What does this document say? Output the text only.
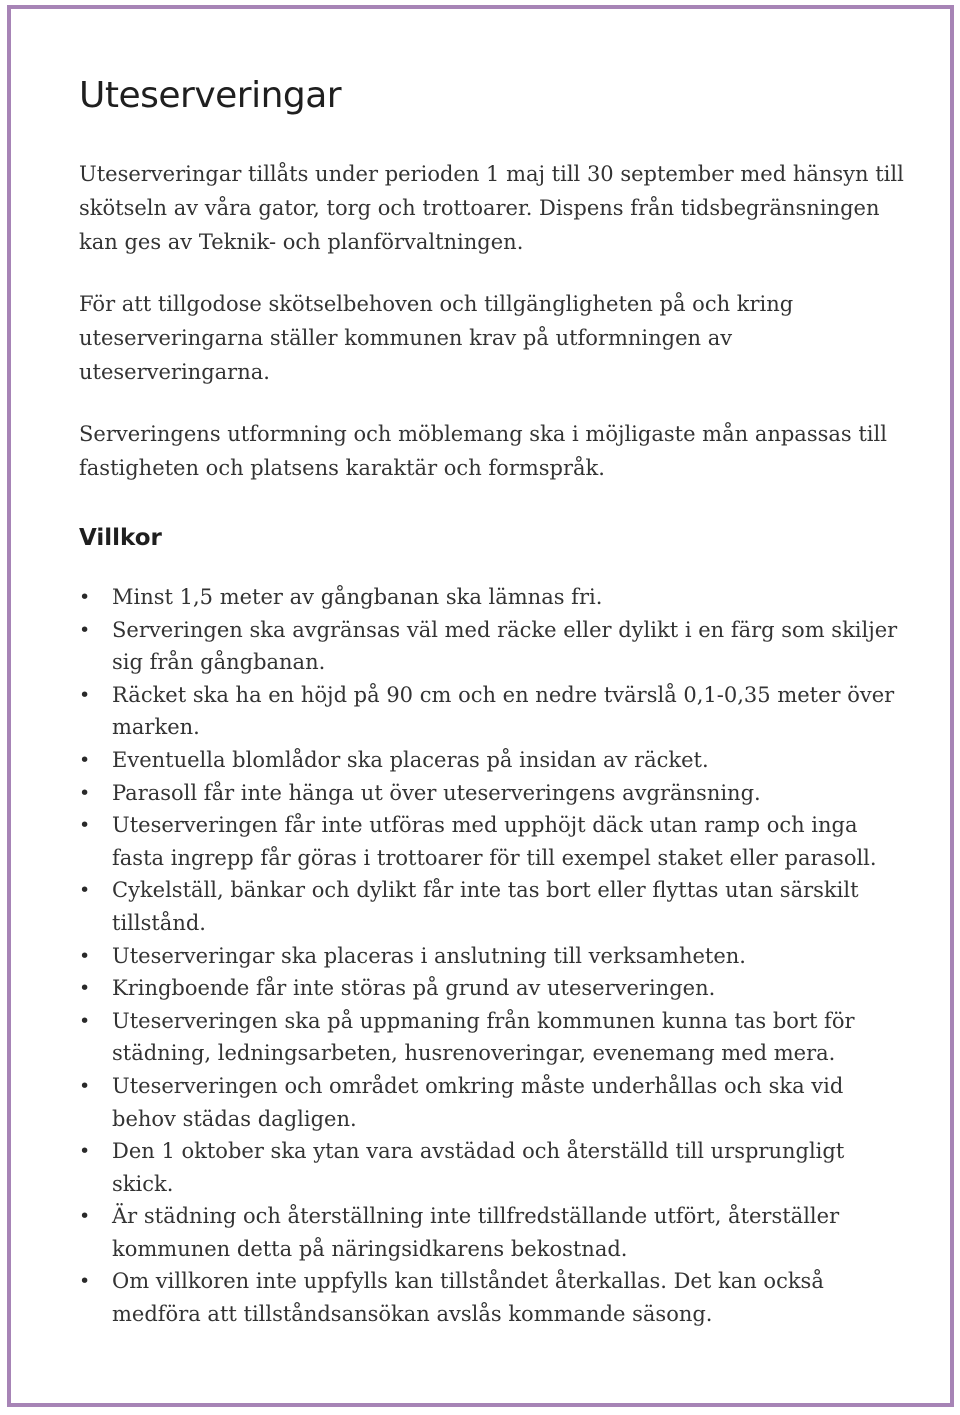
Uteserveringar

Uteserveringar tillåts under perioden 1 maj till 30 september med hänsyn till skötseln av våra gator, torg och trottoarer. Dispens från tidsbegränsningen kan ges av Teknik- och planförvaltningen.

För att tillgodose skötselbehoven och tillgängligheten på och kring uteserveringarna ställer kommunen krav på utformningen av uteserveringarna.

Serveringens utformning och möblemang ska i möjligaste mån anpassas till fastigheten och platsens karaktär och formspråk.

Villkor
• Minst 1,5 meter av gångbanan ska lämnas fri.
• Serveringen ska avgränsas väl med räcke eller dylikt i en färg som skiljer sig från gångbanan.
• Räcket ska ha en höjd på 90 cm och en nedre tvärslå 0,1-0,35 meter över marken.
• Eventuella blomlådor ska placeras på insidan av räcket.
• Parasoll får inte hänga ut över uteserveringens avgränsning.
• Uteserveringen får inte utföras med upphöjt däck utan ramp och inga fasta ingrepp får göras i trottoarer för till exempel staket eller parasoll.
• Cykelställ, bänkar och dylikt får inte tas bort eller flyttas utan särskilt tillstånd.
• Uteserveringar ska placeras i anslutning till verksamheten.
• Kringboende får inte störas på grund av uteserveringen.
• Uteserveringen ska på uppmaning från kommunen kunna tas bort för städning, ledningsarbeten, husrenoveringar, evenemang med mera.
• Uteserveringen och området omkring måste underhållas och ska vid behov städas dagligen.
• Den 1 oktober ska ytan vara avstädad och återställd till ursprungligt skick.
• Är städning och återställning inte tillfredställande utfört, återställer kommunen detta på näringsidkarens bekostnad.
• Om villkoren inte uppfylls kan tillståndet återkallas. Det kan också medföra att tillståndsansökan avslås kommande säsong.
